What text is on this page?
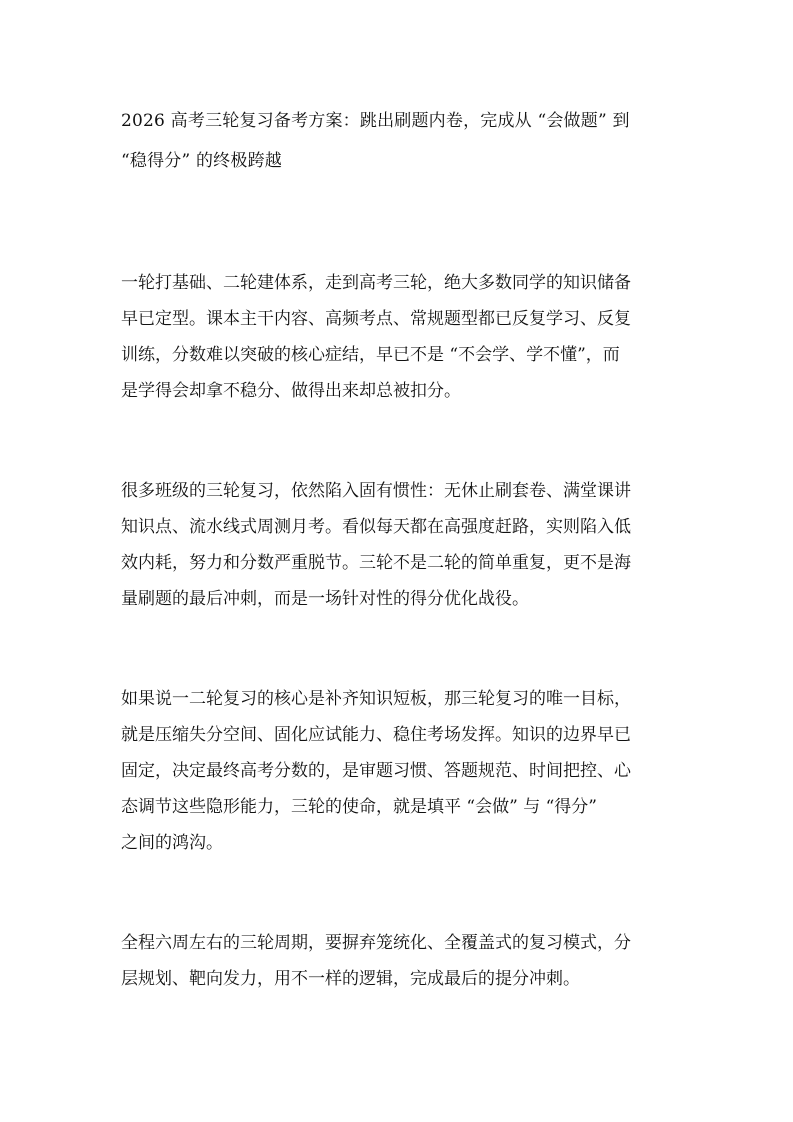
2026 高考三轮复习备考方案：跳出刷题内卷，完成从 “会做题” 到
“稳得分” 的终极跨越
一轮打基础、二轮建体系，走到高考三轮，绝大多数同学的知识储备
早已定型。课本主干内容、高频考点、常规题型都已反复学习、反复
训练，分数难以突破的核心症结，早已不是 “不会学、学不懂”，而
是学得会却拿不稳分、做得出来却总被扣分。
很多班级的三轮复习，依然陷入固有惯性：无休止刷套卷、满堂课讲
知识点、流水线式周测月考。看似每天都在高强度赶路，实则陷入低
效内耗，努力和分数严重脱节。三轮不是二轮的简单重复，更不是海
量刷题的最后冲刺，而是一场针对性的得分优化战役。
如果说一二轮复习的核心是补齐知识短板，那三轮复习的唯一目标，
就是压缩失分空间、固化应试能力、稳住考场发挥。知识的边界早已
固定，决定最终高考分数的，是审题习惯、答题规范、时间把控、心
态调节这些隐形能力，三轮的使命，就是填平 “会做” 与 “得分”
之间的鸿沟。
全程六周左右的三轮周期，要摒弃笼统化、全覆盖式的复习模式，分
层规划、靶向发力，用不一样的逻辑，完成最后的提分冲刺。
